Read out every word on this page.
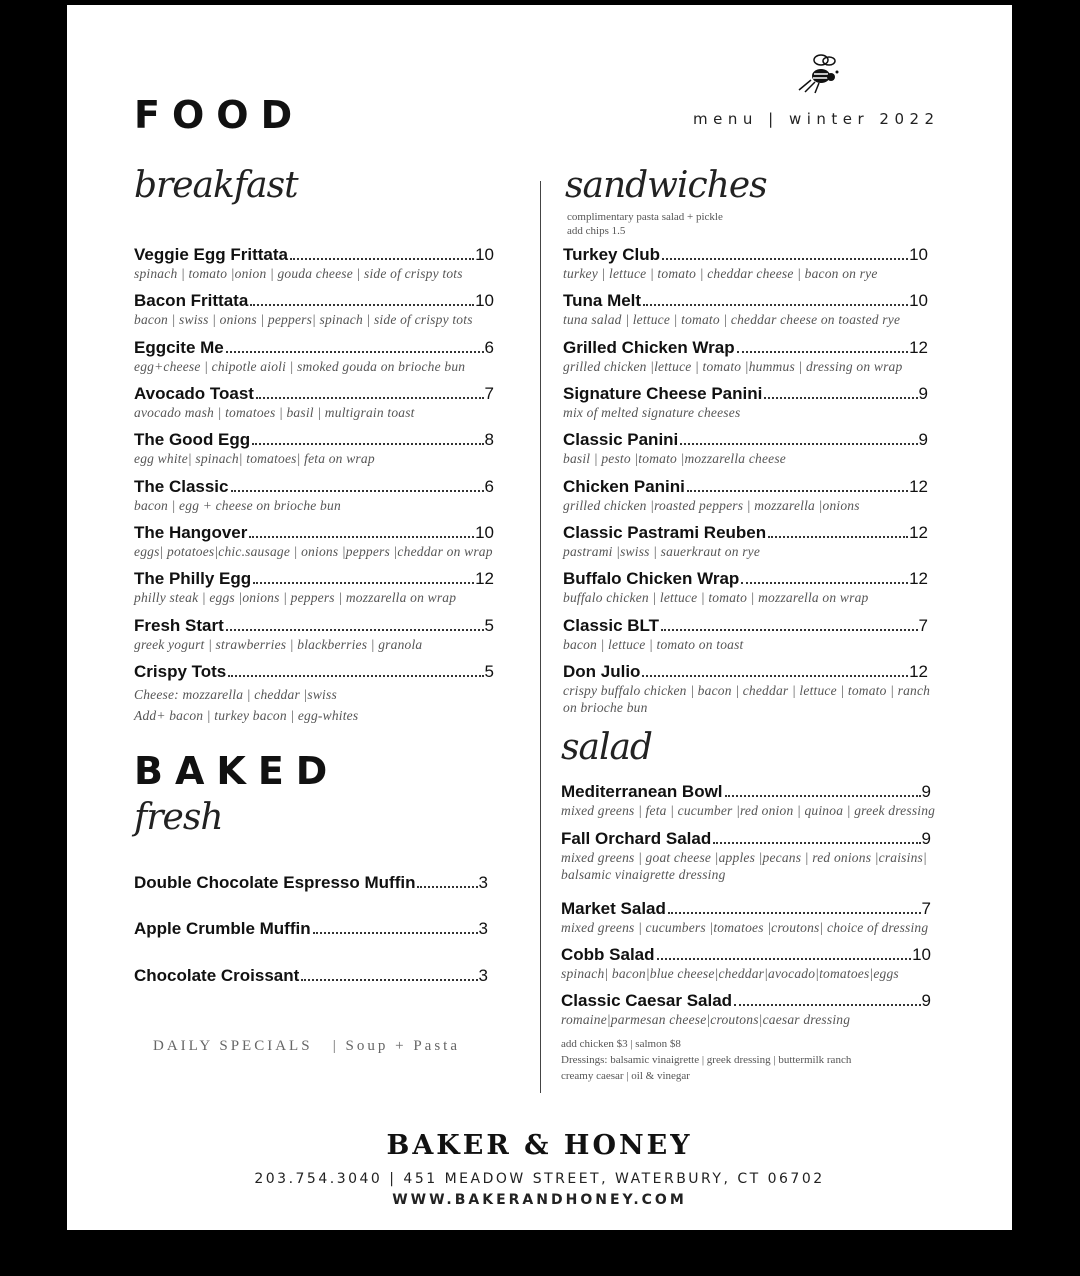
FOOD	menu | winter 2022
breakfast
Veggie Egg Frittata	10
spinach | tomato |onion | gouda cheese | side of crispy tots
Bacon Frittata	10
bacon | swiss | onions | peppers| spinach | side of crispy tots
Eggcite Me	6
egg+cheese | chipotle aioli | smoked gouda on brioche bun
Avocado Toast	7
avocado mash | tomatoes | basil | multigrain toast
The Good Egg	8
egg white| spinach| tomatoes| feta on wrap
The Classic	6
bacon | egg + cheese on brioche bun
The Hangover	10
eggs| potatoes|chic.sausage | onions |peppers |cheddar on wrap
The Philly Egg	12
philly steak | eggs |onions | peppers | mozzarella on wrap
Fresh Start	5
greek yogurt | strawberries | blackberries | granola
Crispy Tots	5
Cheese: mozzarella | cheddar |swiss
Add+ bacon | turkey bacon | egg-whites
BAKED
fresh
Double Chocolate Espresso Muffin	3
Apple Crumble Muffin	3
Chocolate Croissant	3
DAILY SPECIALS   | Soup + Pasta
sandwiches
complimentary pasta salad + pickle
add chips 1.5
Turkey Club	10
turkey | lettuce | tomato | cheddar cheese | bacon on rye
Tuna Melt	10
tuna salad | lettuce | tomato | cheddar cheese on toasted rye
Grilled Chicken Wrap	12
grilled chicken |lettuce | tomato |hummus | dressing on wrap
Signature Cheese Panini	9
mix of melted signature cheeses
Classic Panini	9
basil | pesto |tomato |mozzarella cheese
Chicken Panini	12
grilled chicken |roasted peppers | mozzarella |onions
Classic Pastrami Reuben	12
pastrami |swiss | sauerkraut on rye
Buffalo Chicken Wrap	12
buffalo chicken | lettuce | tomato | mozzarella on wrap
Classic BLT	7
bacon | lettuce | tomato on toast
Don Julio	12
crispy buffalo chicken | bacon | cheddar | lettuce | tomato | ranch
on brioche bun
salad
Mediterranean Bowl	9
mixed greens | feta | cucumber |red onion | quinoa | greek dressing
Fall Orchard Salad	9
mixed greens | goat cheese |apples |pecans | red onions |craisins|
balsamic vinaigrette dressing
Market Salad	7
mixed greens | cucumbers |tomatoes |croutons| choice of dressing
Cobb Salad	10
spinach| bacon|blue cheese|cheddar|avocado|tomatoes|eggs
Classic Caesar Salad	9
romaine|parmesan cheese|croutons|caesar dressing
add chicken $3 | salmon $8
Dressings: balsamic vinaigrette | greek dressing | buttermilk ranch
creamy caesar | oil & vinegar
BAKER & HONEY
203.754.3040 | 451 MEADOW STREET, WATERBURY, CT 06702
WWW.BAKERANDHONEY.COM
